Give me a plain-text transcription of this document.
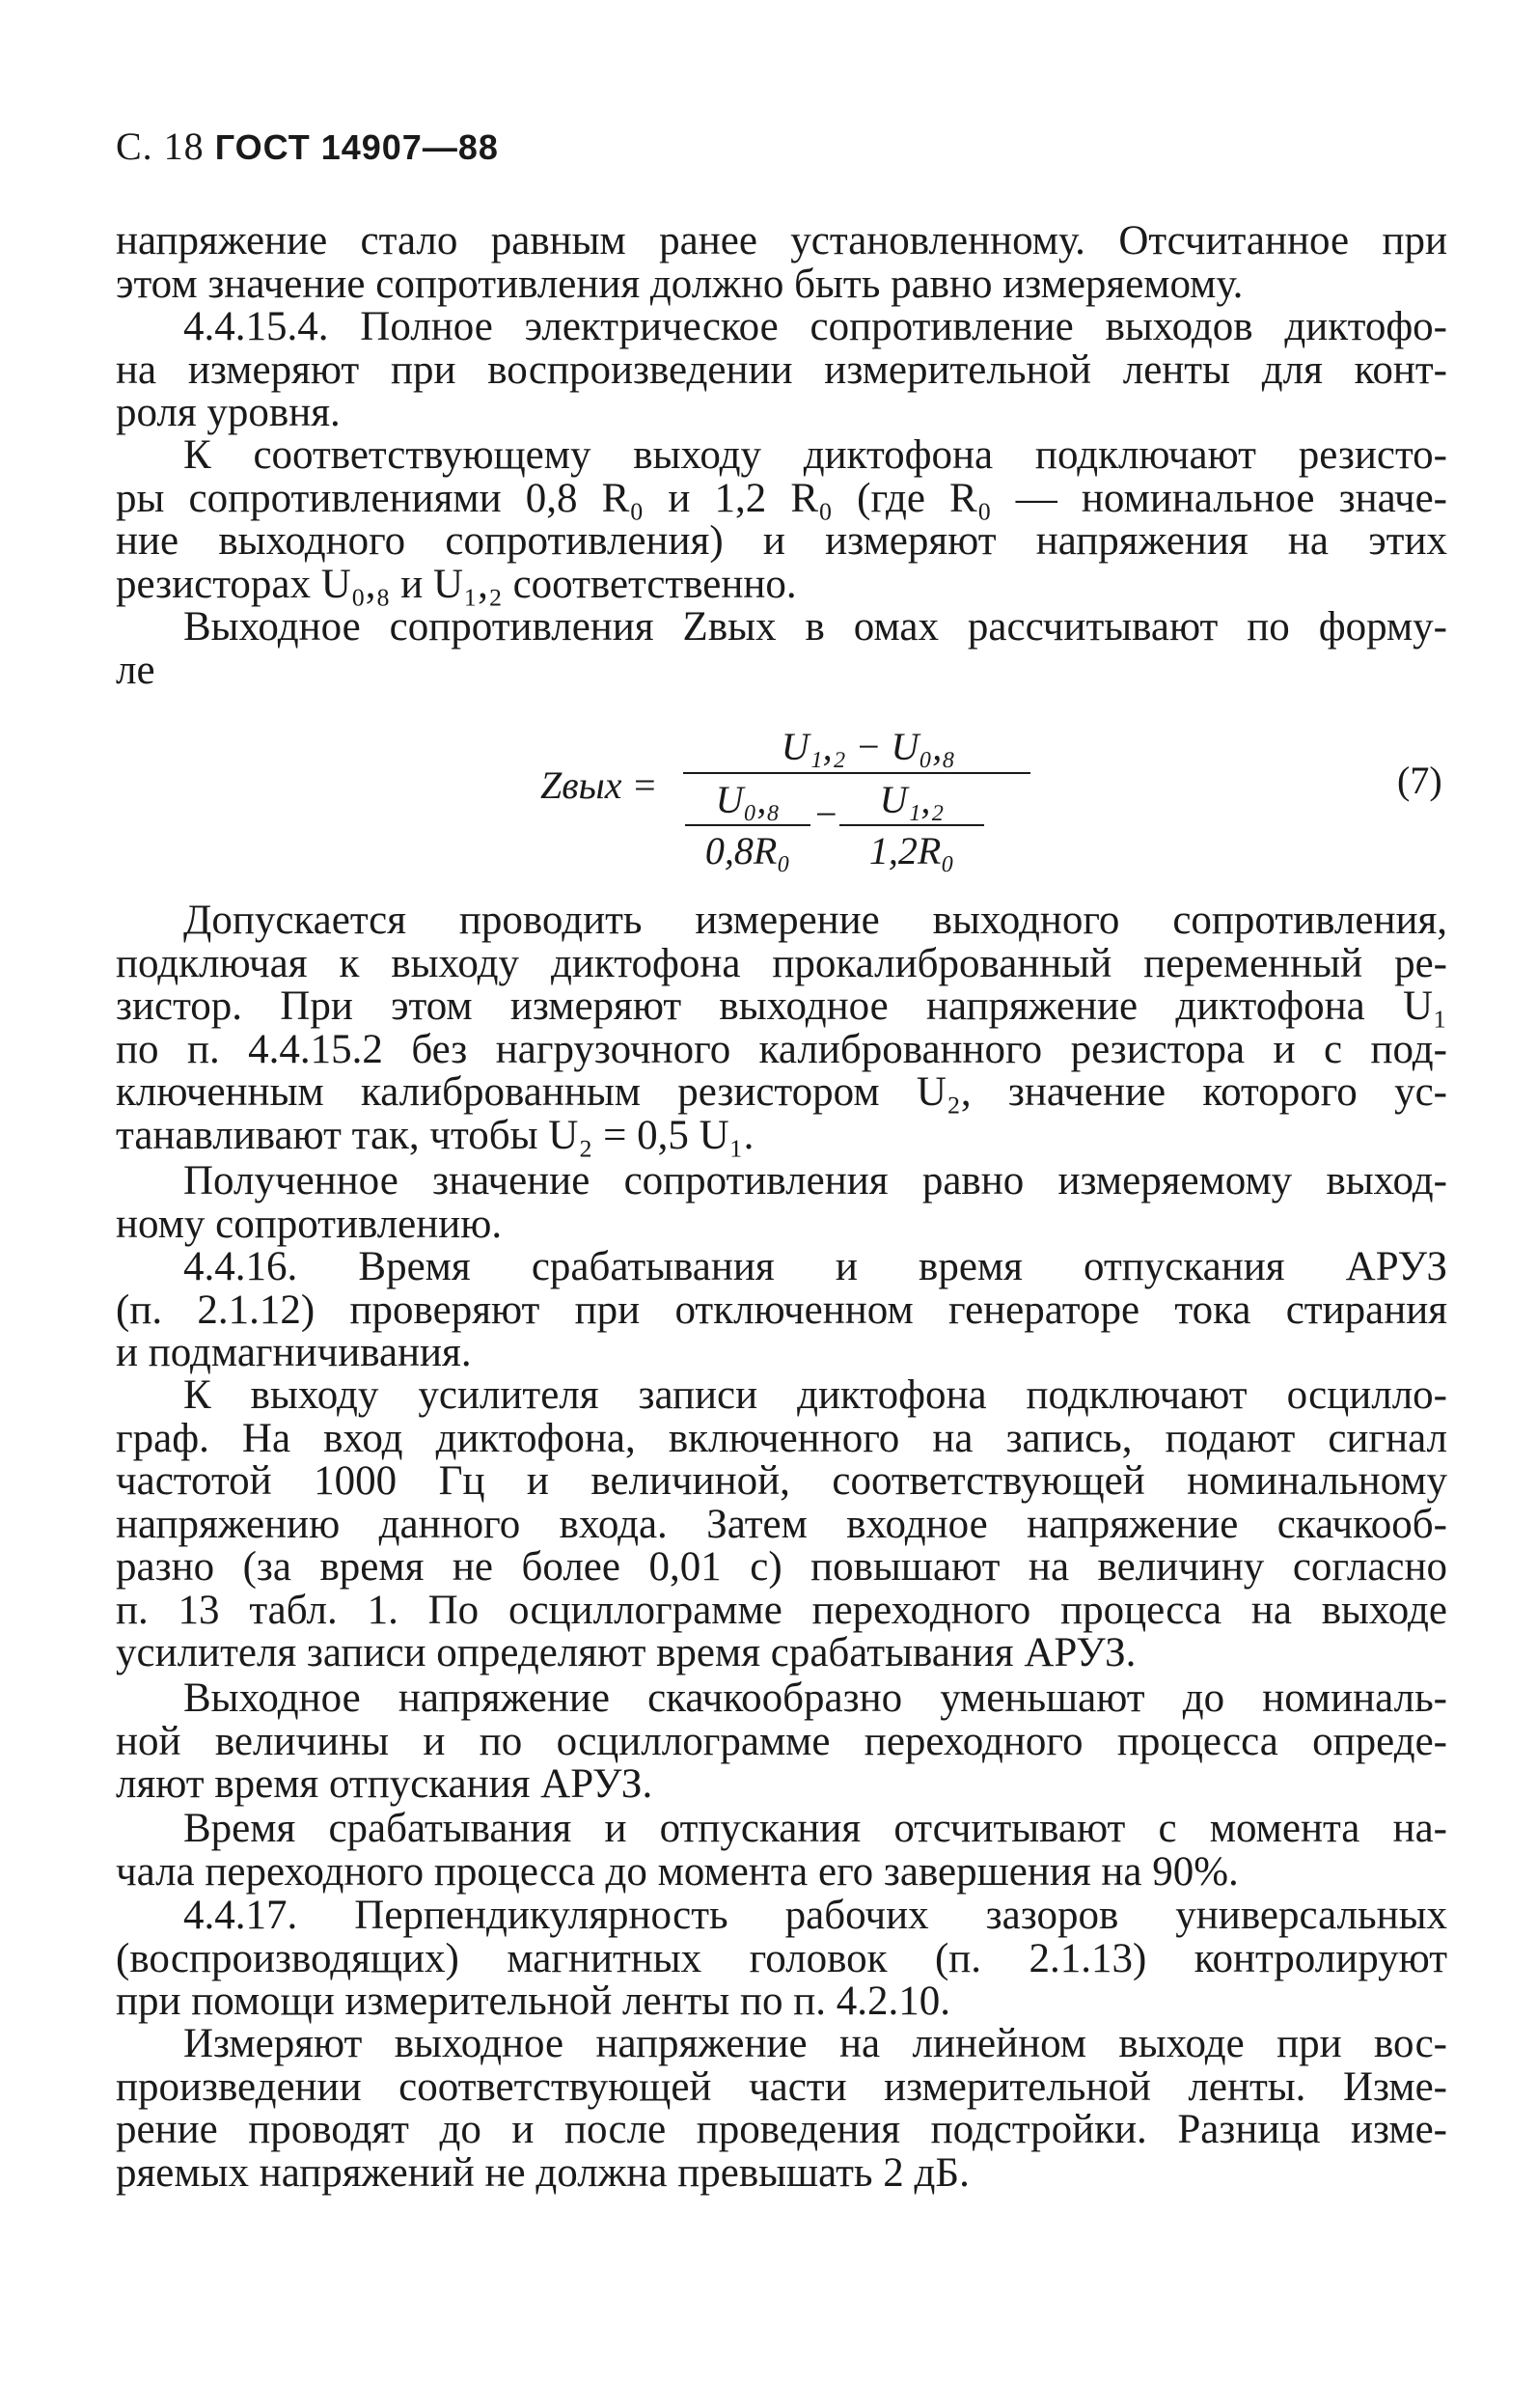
С. 18 ГОСТ 14907—88
напряжение стало равным ранее установленному. Отсчитанное при
этом значение сопротивления должно быть равно измеряемому.
4.4.15.4. Полное электрическое сопротивление выходов диктофо-
на измеряют при воспроизведении измерительной ленты для конт-
роля уровня.
К соответствующему выходу диктофона подключают резисто-
ры сопротивлениями 0,8 R₀ и 1,2 R₀ (где R₀ — номинальное значе-
ние выходного сопротивления) и измеряют напряжения на этих
резисторах U₀,₈ и U₁,₂ соответственно.
Выходное сопротивления Zвых в омах рассчитывают по форму-
ле
Zвых =
U₁,₂ − U₀,₈
U₀,₈
0,8R₀
−	U₁,₂
1,2R₀
(7)
Допускается проводить измерение выходного сопротивления,
подключая к выходу диктофона прокалиброванный переменный ре-
зистор. При этом измеряют выходное напряжение диктофона U₁
по п. 4.4.15.2 без нагрузочного калиброванного резистора и с под-
ключенным калиброванным резистором U₂, значение которого ус-
танавливают так, чтобы U₂ = 0,5 U₁.
Полученное значение сопротивления равно измеряемому выход-
ному сопротивлению.
4.4.16. Время срабатывания и время отпускания АРУЗ
(п. 2.1.12) проверяют при отключенном генераторе тока стирания
и подмагничивания.
К выходу усилителя записи диктофона подключают осцилло-
граф. На вход диктофона, включенного на запись, подают сигнал
частотой 1000 Гц и величиной, соответствующей номинальному
напряжению данного входа. Затем входное напряжение скачкооб-
разно (за время не более 0,01 с) повышают на величину согласно
п. 13 табл. 1. По осциллограмме переходного процесса на выходе
усилителя записи определяют время срабатывания АРУЗ.
Выходное напряжение скачкообразно уменьшают до номиналь-
ной величины и по осциллограмме переходного процесса опреде-
ляют время отпускания АРУЗ.
Время срабатывания и отпускания отсчитывают с момента на-
чала переходного процесса до момента его завершения на 90%.
4.4.17. Перпендикулярность рабочих зазоров универсальных
(воспроизводящих) магнитных головок (п. 2.1.13) контролируют
при помощи измерительной ленты по п. 4.2.10.
Измеряют выходное напряжение на линейном выходе при вос-
произведении соответствующей части измерительной ленты. Изме-
рение проводят до и после проведения подстройки. Разница изме-
ряемых напряжений не должна превышать 2 дБ.
